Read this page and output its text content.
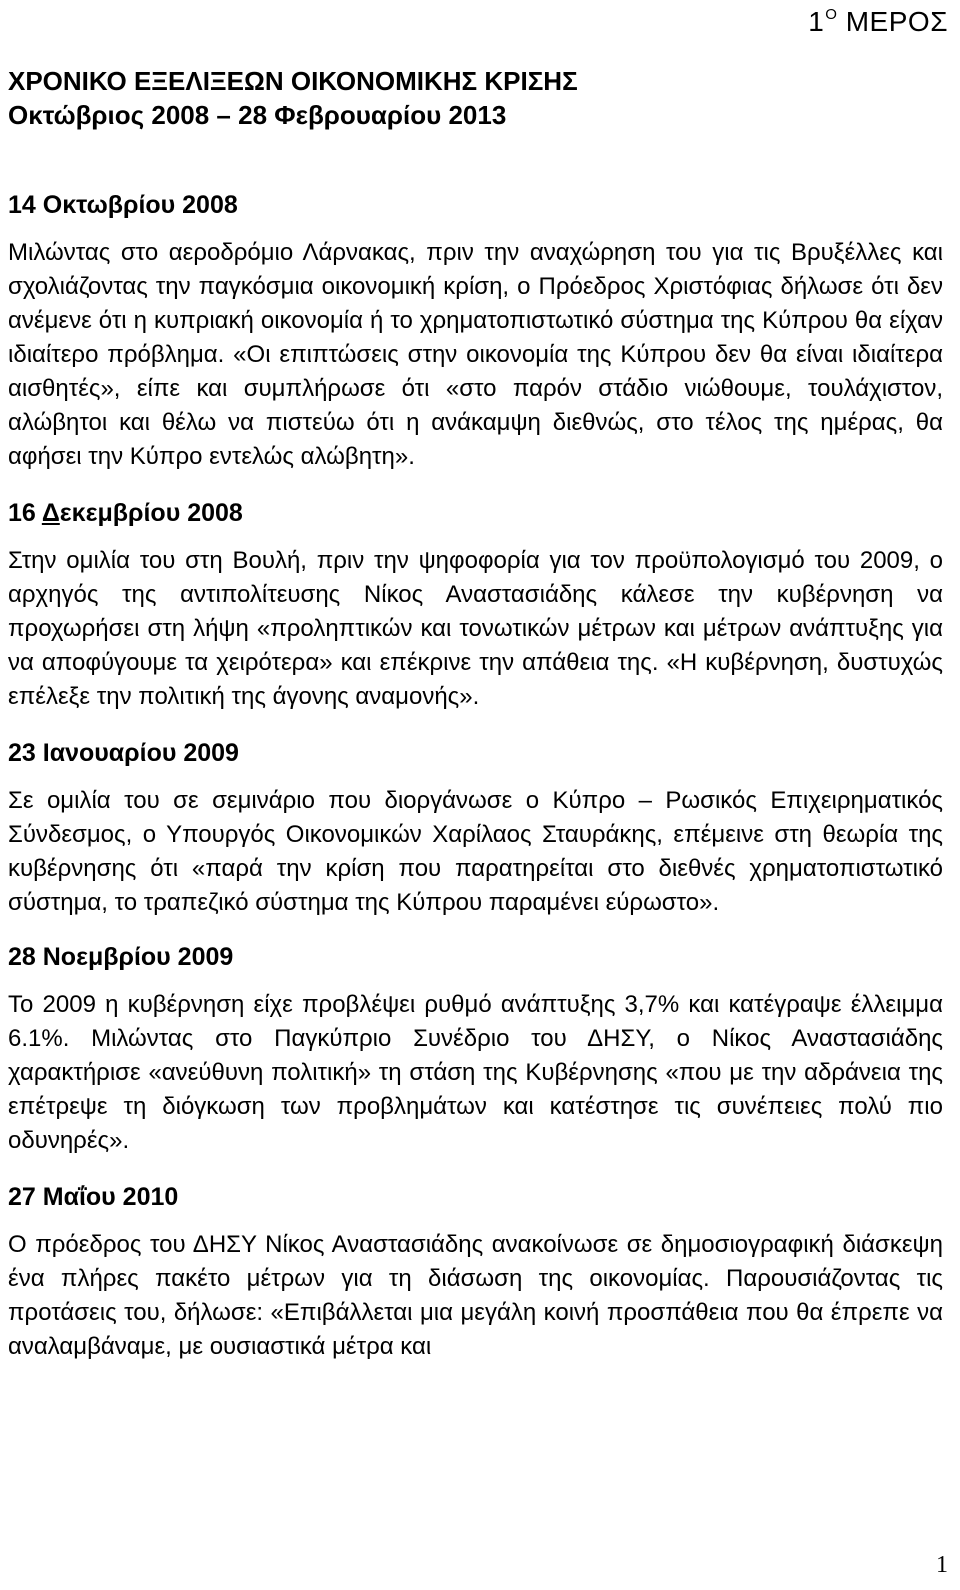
$1^O$ ΜΕΡΟΣ
ΧΡΟΝΙΚΟ ΕΞΕΛΙΞΕΩΝ ΟΙΚΟΝΟΜΙΚΗΣ ΚΡΙΣΗΣ
Οκτώβριος 2008 – 28 Φεβρουαρίου 2013

14 Οκτωβρίου 2008

Μιλώντας στο αεροδρόμιο Λάρνακας, πριν την αναχώρηση του για τις Βρυξέλλες και σχολιάζοντας την παγκόσμια οικονομική κρίση, ο Πρόεδρος Χριστόφιας δήλωσε ότι δεν ανέμενε ότι η κυπριακή οικονομία ή το χρηματοπιστωτικό σύστημα της Κύπρου θα είχαν ιδιαίτερο πρόβλημα. «Οι επιπτώσεις στην οικονομία της Κύπρου δεν θα είναι ιδιαίτερα αισθητές», είπε και συμπλήρωσε ότι «στο παρόν στάδιο νιώθουμε, τουλάχιστον, αλώβητοι και θέλω να πιστεύω ότι η ανάκαμψη διεθνώς, στο τέλος της ημέρας, θα αφήσει την Κύπρο εντελώς αλώβητη».

16 Δεκεμβρίου 2008

Στην ομιλία του στη Βουλή, πριν την ψηφοφορία για τον προϋπολογισμό του 2009, ο αρχηγός της αντιπολίτευσης Νίκος Αναστασιάδης κάλεσε την κυβέρνηση να προχωρήσει στη λήψη «προληπτικών και τονωτικών μέτρων και μέτρων ανάπτυξης για να αποφύγουμε τα χειρότερα» και επέκρινε την απάθεια της. «Η κυβέρνηση, δυστυχώς επέλεξε την πολιτική της άγονης αναμονής».

23 Ιανουαρίου 2009

Σε ομιλία του σε σεμινάριο που διοργάνωσε ο Κύπρο – Ρωσικός Επιχειρηματικός Σύνδεσμος, ο Υπουργός Οικονομικών Χαρίλαος Σταυράκης, επέμεινε στη θεωρία της κυβέρνησης ότι «παρά την κρίση που παρατηρείται στο διεθνές χρηματοπιστωτικό σύστημα, το τραπεζικό σύστημα της Κύπρου παραμένει εύρωστο».

28 Νοεμβρίου 2009

Το 2009 η κυβέρνηση είχε προβλέψει ρυθμό ανάπτυξης 3,7% και κατέγραψε έλλειμμα 6.1%. Μιλώντας στο Παγκύπριο Συνέδριο του ΔΗΣΥ, ο Νίκος Αναστασιάδης χαρακτήρισε «ανεύθυνη πολιτική» τη στάση της Κυβέρνησης «που με την αδράνεια της επέτρεψε τη διόγκωση των προβλημάτων και κατέστησε τις συνέπειες πολύ πιο οδυνηρές».

27 Μαΐου 2010

Ο πρόεδρος του ΔΗΣΥ Νίκος Αναστασιάδης ανακοίνωσε σε δημοσιογραφική διάσκεψη ένα πλήρες πακέτο μέτρων για τη διάσωση της οικονομίας. Παρουσιάζοντας τις προτάσεις του, δήλωσε: «Επιβάλλεται μια μεγάλη κοινή προσπάθεια που θα έπρεπε να αναλαμβάναμε, με ουσιαστικά μέτρα και

1
